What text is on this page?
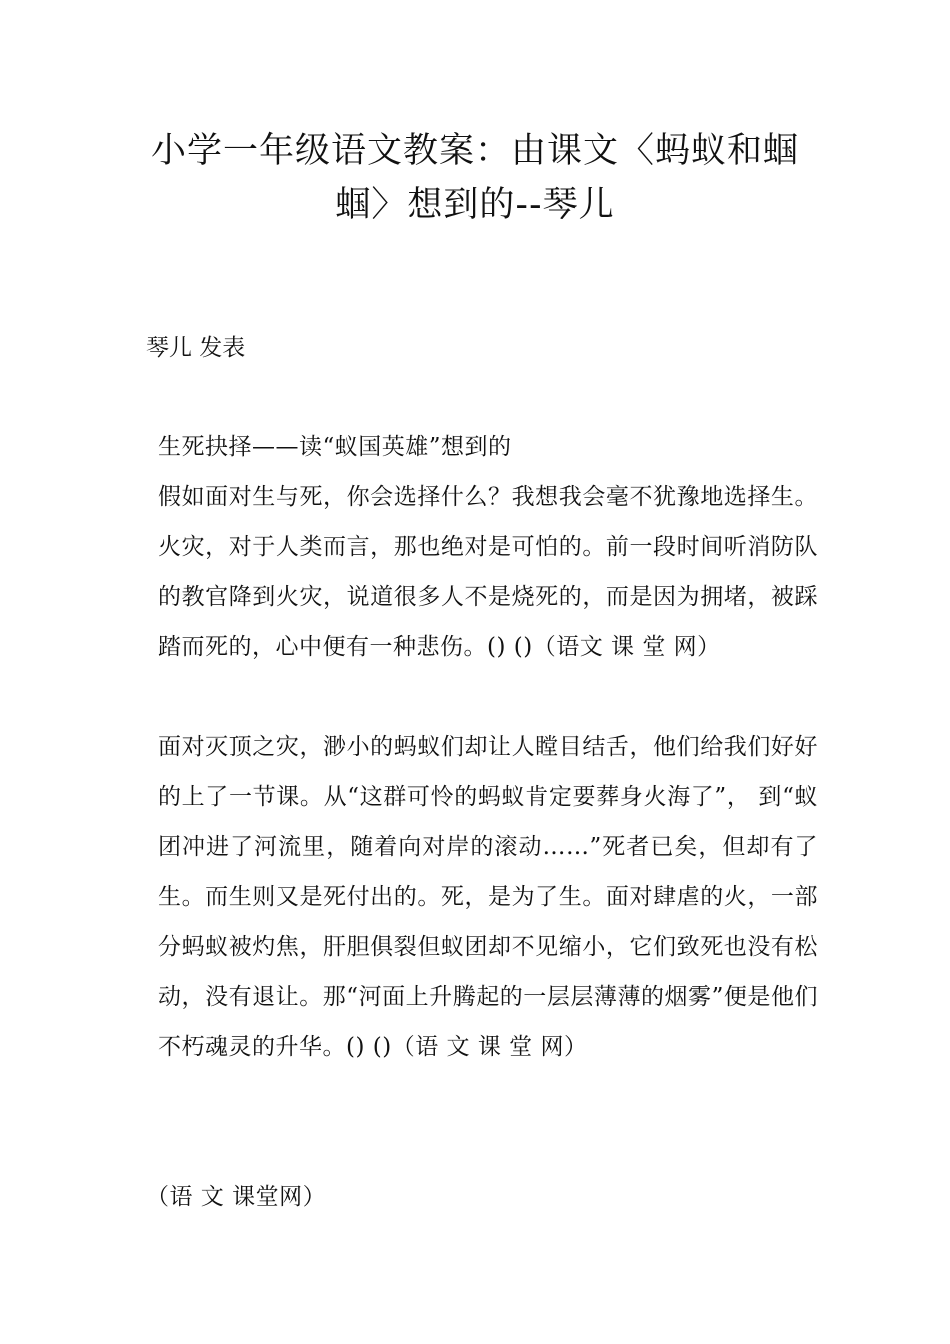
小学一年级语文教案：由课文〈蚂蚁和蝈蝈〉想到的--琴儿

琴儿 发表

生死抉择——读“蚁国英雄”想到的

假如面对生与死，你会选择什么？我想我会毫不犹豫地选择生。火灾，对于人类而言，那也绝对是可怕的。前一段时间听消防队的教官降到火灾，说道很多人不是烧死的，而是因为拥堵，被踩踏而死的，心中便有一种悲伤。() ()（语文 课 堂 网）

面对灭顶之灾，渺小的蚂蚁们却让人瞠目结舌，他们给我们好好的上了一节课。从“这群可怜的蚂蚁肯定要葬身火海了”， 到“蚁团冲进了河流里，随着向对岸的滚动……”死者已矣，但却有了生。而生则又是死付出的。死，是为了生。面对肆虐的火，一部分蚂蚁被灼焦，肝胆俱裂但蚁团却不见缩小，它们致死也没有松动，没有退让。那“河面上升腾起的一层层薄薄的烟雾”便是他们不朽魂灵的升华。() ()（语 文 课 堂 网）

（语 文 课堂网）
